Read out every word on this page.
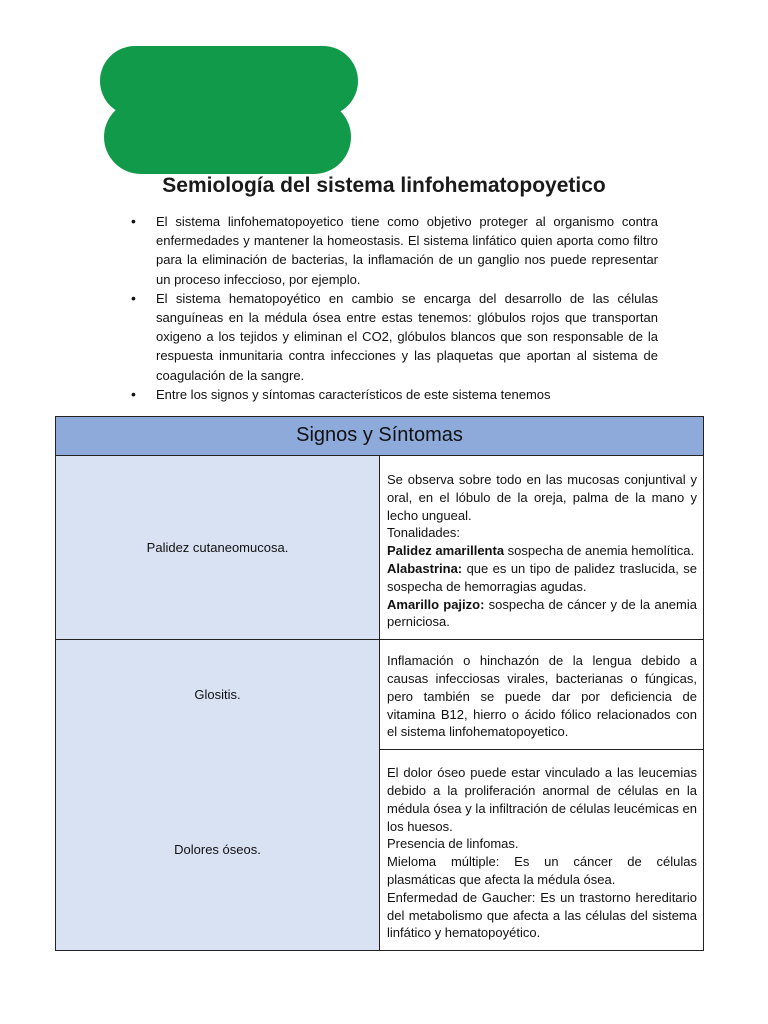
Semiología del sistema linfohematopoyetico
• El sistema linfohematopoyetico tiene como objetivo proteger al organismo contra enfermedades y mantener la homeostasis. El sistema linfático quien aporta como filtro para la eliminación de bacterias, la inflamación de un ganglio nos puede representar un proceso infeccioso, por ejemplo.
• El sistema hematopoyético en cambio se encarga del desarrollo de las células sanguíneas en la médula ósea entre estas tenemos: glóbulos rojos que transportan oxigeno a los tejidos y eliminan el CO2, glóbulos blancos que son responsable de la respuesta inmunitaria contra infecciones y las plaquetas que aportan al sistema de coagulación de la sangre.
• Entre los signos y síntomas característicos de este sistema tenemos
Signos y Síntomas	
Palidez cutaneomucosa.	Se observa sobre todo en las mucosas conjuntival y oral, en el lóbulo de la oreja, palma de la mano y lecho ungueal.
Tonalidades:
Palidez amarillenta sospecha de anemia hemolítica.
Alabastrina: que es un tipo de palidez traslucida, se sospecha de hemorragias agudas.
Amarillo pajizo: sospecha de cáncer y de la anemia perniciosa.

Glositis.	Inflamación o hinchazón de la lengua debido a causas infecciosas virales, bacterianas o fúngicas, pero también se puede dar por deficiencia de vitamina B12, hierro o ácido fólico relacionados con el sistema linfohematopoyetico.

Dolores óseos.	El dolor óseo puede estar vinculado a las leucemias debido a la proliferación anormal de células en la médula ósea y la infiltración de células leucémicas en los huesos.
Presencia de linfomas.
Mieloma múltiple: Es un cáncer de células plasmáticas que afecta la médula ósea.
Enfermedad de Gaucher: Es un trastorno hereditario del metabolismo que afecta a las células del sistema linfático y hematopoyético.
